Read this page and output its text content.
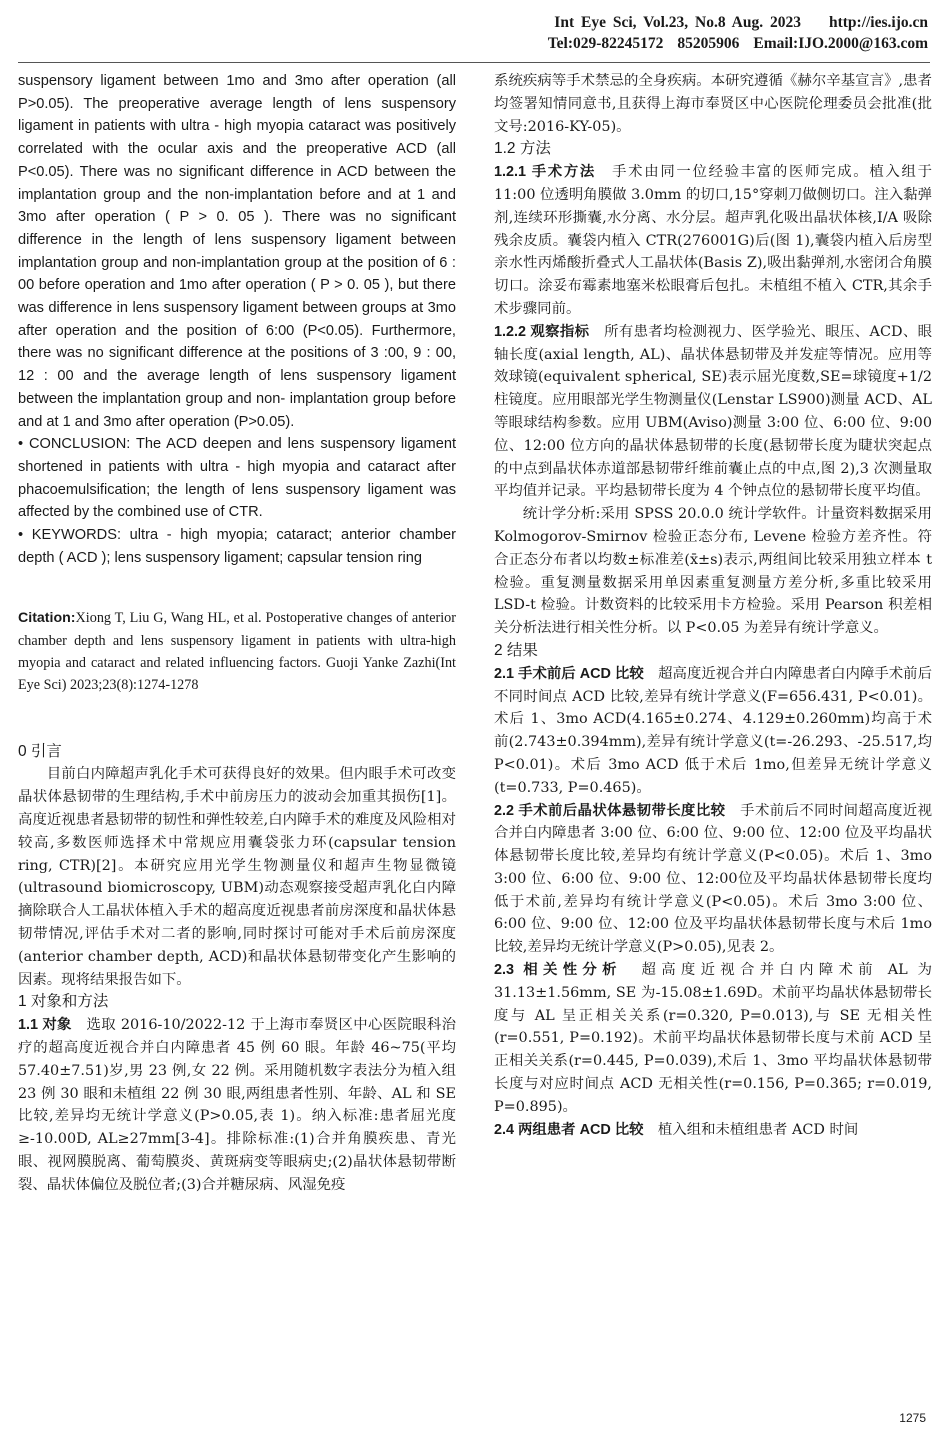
Int Eye Sci, Vol.23, No.8 Aug. 2023 http://ies.ijo.cn
Tel:029-82245172 85205906 Email:IJO.2000@163.com

suspensory ligament between 1mo and 3mo after operation (all P>0.05). The preoperative average length of lens suspensory ligament in patients with ultra - high myopia cataract was positively correlated with the ocular axis and the preoperative ACD (all P<0.05). There was no significant difference in ACD between the implantation group and the non-implantation before and at 1 and 3mo after operation ( P > 0. 05 ). There was no significant difference in the length of lens suspensory ligament between implantation group and non-implantation group at the position of 6 : 00 before operation and 1mo after operation ( P > 0. 05 ), but there was difference in lens suspensory ligament between groups at 3mo after operation and the position of 6:00 (P<0.05). Furthermore, there was no significant difference at the positions of 3 :00, 9 : 00, 12 : 00 and the average length of lens suspensory ligament between the implantation group and non- implantation group before and at 1 and 3mo after operation (P>0.05).

• CONCLUSION: The ACD deepen and lens suspensory ligament shortened in patients with ultra - high myopia and cataract after phacoemulsification; the length of lens suspensory ligament was affected by the combined use of CTR.

• KEYWORDS: ultra - high myopia; cataract; anterior chamber depth ( ACD ); lens suspensory ligament; capsular tension ring

Citation:Xiong T, Liu G, Wang HL, et al. Postoperative changes of anterior chamber depth and lens suspensory ligament in patients with ultra-high myopia and cataract and related influencing factors. Guoji Yanke Zazhi(Int Eye Sci) 2023;23(8):1274-1278

0 引言

目前白内障超声乳化手术可获得良好的效果。但内眼手术可改变晶状体悬韧带的生理结构,手术中前房压力的波动会加重其损伤[1]。高度近视患者悬韧带的韧性和弹性较差,白内障手术的难度及风险相对较高,多数医师选择术中常规应用囊袋张力环(capsular tension ring, CTR)[2]。本研究应用光学生物测量仪和超声生物显微镜(ultrasound biomicroscopy, UBM)动态观察接受超声乳化白内障摘除联合人工晶状体植入手术的超高度近视患者前房深度和晶状体悬韧带情况,评估手术对二者的影响,同时探讨可能对手术后前房深度(anterior chamber depth, ACD)和晶状体悬韧带变化产生影响的因素。现将结果报告如下。

1 对象和方法

1.1 对象  选取 2016-10/2022-12 于上海市奉贤区中心医院眼科治疗的超高度近视合并白内障患者 45 例 60 眼。年龄 46~75(平均 57.40±7.51)岁,男 23 例,女 22 例。采用随机数字表法分为植入组 23 例 30 眼和未植组 22 例 30 眼,两组患者性别、年龄、AL 和 SE 比较,差异均无统计学意义(P>0.05,表 1)。纳入标准:患者屈光度≥-10.00D, AL≥27mm[3-4]。排除标准:(1)合并角膜疾患、青光眼、视网膜脱离、葡萄膜炎、黄斑病变等眼病史;(2)晶状体悬韧带断裂、晶状体偏位及脱位者;(3)合并糖尿病、风湿免疫

系统疾病等手术禁忌的全身疾病。本研究遵循《赫尔辛基宣言》,患者均签署知情同意书,且获得上海市奉贤区中心医院伦理委员会批准(批文号:2016-KY-05)。

1.2 方法

1.2.1 手术方法  手术由同一位经验丰富的医师完成。植入组于 11:00 位透明角膜做 3.0mm 的切口,15°穿刺刀做侧切口。注入黏弹剂,连续环形撕囊,水分离、水分层。超声乳化吸出晶状体核,I/A 吸除残余皮质。囊袋内植入 CTR(276001G)后(图 1),囊袋内植入后房型亲水性丙烯酸折叠式人工晶状体(Basis Z),吸出黏弹剂,水密闭合角膜切口。涂妥布霉素地塞米松眼膏后包扎。未植组不植入 CTR,其余手术步骤同前。

1.2.2 观察指标  所有患者均检测视力、医学验光、眼压、ACD、眼轴长度(axial length, AL)、晶状体悬韧带及并发症等情况。应用等效球镜(equivalent spherical, SE)表示屈光度数,SE=球镜度+1/2 柱镜度。应用眼部光学生物测量仪(Lenstar LS900)测量 ACD、AL 等眼球结构参数。应用 UBM(Aviso)测量 3:00 位、6:00 位、9:00 位、12:00 位方向的晶状体悬韧带的长度(悬韧带长度为睫状突起点的中点到晶状体赤道部悬韧带纤维前囊止点的中点,图 2),3 次测量取平均值并记录。平均悬韧带长度为 4 个钟点位的悬韧带长度平均值。

统计学分析:采用 SPSS 20.0.0 统计学软件。计量资料数据采用 Kolmogorov-Smirnov 检验正态分布, Levene 检验方差齐性。符合正态分布者以均数±标准差(x̄±s)表示,两组间比较采用独立样本 t 检验。重复测量数据采用单因素重复测量方差分析,多重比较采用 LSD-t 检验。计数资料的比较采用卡方检验。采用 Pearson 积差相关分析法进行相关性分析。以 P<0.05 为差异有统计学意义。

2 结果

2.1 手术前后 ACD 比较  超高度近视合并白内障患者白内障手术前后不同时间点 ACD 比较,差异有统计学意义(F=656.431, P<0.01)。术后 1、3mo ACD(4.165±0.274、4.129±0.260mm)均高于术前(2.743±0.394mm),差异有统计学意义(t=-26.293、-25.517,均 P<0.01)。术后 3mo ACD 低于术后 1mo,但差异无统计学意义(t=0.733, P=0.465)。

2.2 手术前后晶状体悬韧带长度比较  手术前后不同时间超高度近视合并白内障患者 3:00 位、6:00 位、9:00 位、12:00 位及平均晶状体悬韧带长度比较,差异均有统计学意义(P<0.05)。术后 1、3mo 3:00 位、6:00 位、9:00 位、12:00位及平均晶状体悬韧带长度均低于术前,差异均有统计学意义(P<0.05)。术后 3mo 3:00 位、6:00 位、9:00 位、12:00 位及平均晶状体悬韧带长度与术后 1mo 比较,差异均无统计学意义(P>0.05),见表 2。

2.3 相关性分析  超高度近视合并白内障术前 AL 为 31.13±1.56mm, SE 为-15.08±1.69D。术前平均晶状体悬韧带长度与 AL 呈正相关关系(r=0.320, P=0.013),与 SE 无相关性(r=0.551, P=0.192)。术前平均晶状体悬韧带长度与术前 ACD 呈正相关关系(r=0.445, P=0.039),术后 1、3mo 平均晶状体悬韧带长度与对应时间点 ACD 无相关性(r=0.156, P=0.365; r=0.019, P=0.895)。

2.4 两组患者 ACD 比较  植入组和未植组患者 ACD 时间

1275
